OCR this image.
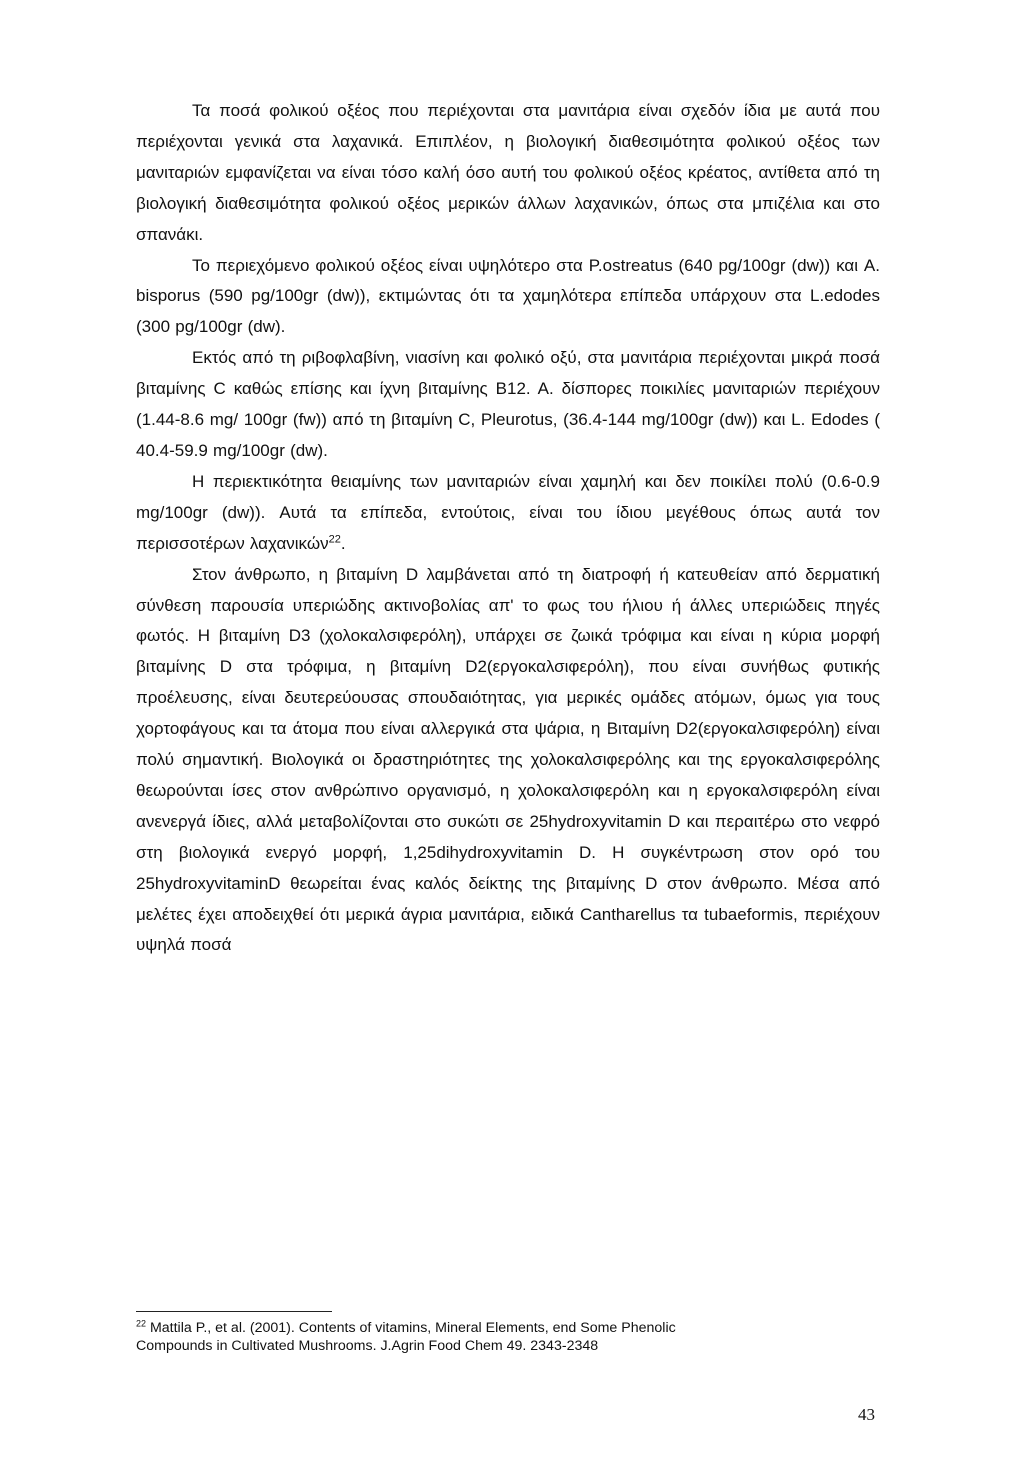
Τα ποσά φολικού οξέος που περιέχονται στα μανιτάρια είναι σχεδόν ίδια με αυτά που περιέχονται γενικά στα λαχανικά. Επιπλέον, η βιολογική διαθεσιμότητα φολικού οξέος των μανιταριών εμφανίζεται να είναι τόσο καλή όσο αυτή του φολικού οξέος κρέατος, αντίθετα από τη βιολογική διαθεσιμότητα φολικού οξέος μερικών άλλων λαχανικών, όπως στα μπιζέλια και στο σπανάκι.

Το περιεχόμενο φολικού οξέος είναι υψηλότερο στα P.ostreatus (640 pg/100gr (dw)) και A. bisporus (590 pg/100gr (dw)), εκτιμώντας ότι τα χαμηλότερα επίπεδα υπάρχουν στα L.edodes (300 pg/100gr (dw).

Εκτός από τη ριβοφλαβίνη, νιασίνη και φολικό οξύ, στα μανιτάρια περιέχονται μικρά ποσά βιταμίνης C καθώς επίσης και ίχνη βιταμίνης B12. A. δίσπορες ποικιλίες μανιταριών περιέχουν (1.44-8.6 mg/ 100gr (fw)) από τη βιταμίνη C, Pleurotus, (36.4-144 mg/100gr (dw)) και L. Edodes ( 40.4-59.9 mg/100gr (dw).

Η περιεκτικότητα θειαμίνης των μανιταριών είναι χαμηλή και δεν ποικίλει πολύ (0.6-0.9 mg/100gr (dw)). Αυτά τα επίπεδα, εντούτοις, είναι του ίδιου μεγέθους όπως αυτά τον περισσοτέρων λαχανικών$^{22}$.

Στον άνθρωπο, η βιταμίνη D λαμβάνεται από τη διατροφή ή κατευθείαν από δερματική σύνθεση παρουσία υπεριώδης ακτινοβολίας απ' το φως του ήλιου ή άλλες υπεριώδεις πηγές φωτός. Η βιταμίνη D3 (χολοκαλσιφερόλη), υπάρχει σε ζωικά τρόφιμα και είναι η κύρια μορφή βιταμίνης D στα τρόφιμα, η βιταμίνη D2(εργοκαλσιφερόλη), που είναι συνήθως φυτικής προέλευσης, είναι δευτερεύουσας σπουδαιότητας, για μερικές ομάδες ατόμων, όμως για τους χορτοφάγους και τα άτομα που είναι αλλεργικά στα ψάρια, η Βιταμίνη D2(εργοκαλσιφερόλη) είναι πολύ σημαντική. Βιολογικά οι δραστηριότητες της χολοκαλσιφερόλης και της εργοκαλσιφερόλης θεωρούνται ίσες στον ανθρώπινο οργανισμό, η χολοκαλσιφερόλη και η εργοκαλσιφερόλη είναι ανενεργά ίδιες, αλλά μεταβολίζονται στο συκώτι σε 25hydroxyvitamin D και περαιτέρω στο νεφρό στη βιολογικά ενεργό μορφή, 1,25dihydroxyvitamin D. Η συγκέντρωση στον ορό του 25hydroxyvitaminD θεωρείται ένας καλός δείκτης της βιταμίνης D στον άνθρωπο. Μέσα από μελέτες έχει αποδειχθεί ότι μερικά άγρια μανιτάρια, ειδικά Cantharellus τα tubaeformis, περιέχουν υψηλά ποσά

$^{22}$ Mattila P., et al. (2001). Contents of vitamins, Mineral Elements, end Some Phenolic
Compounds in Cultivated Mushrooms. J.Agrin Food Chem 49. 2343-2348

43
